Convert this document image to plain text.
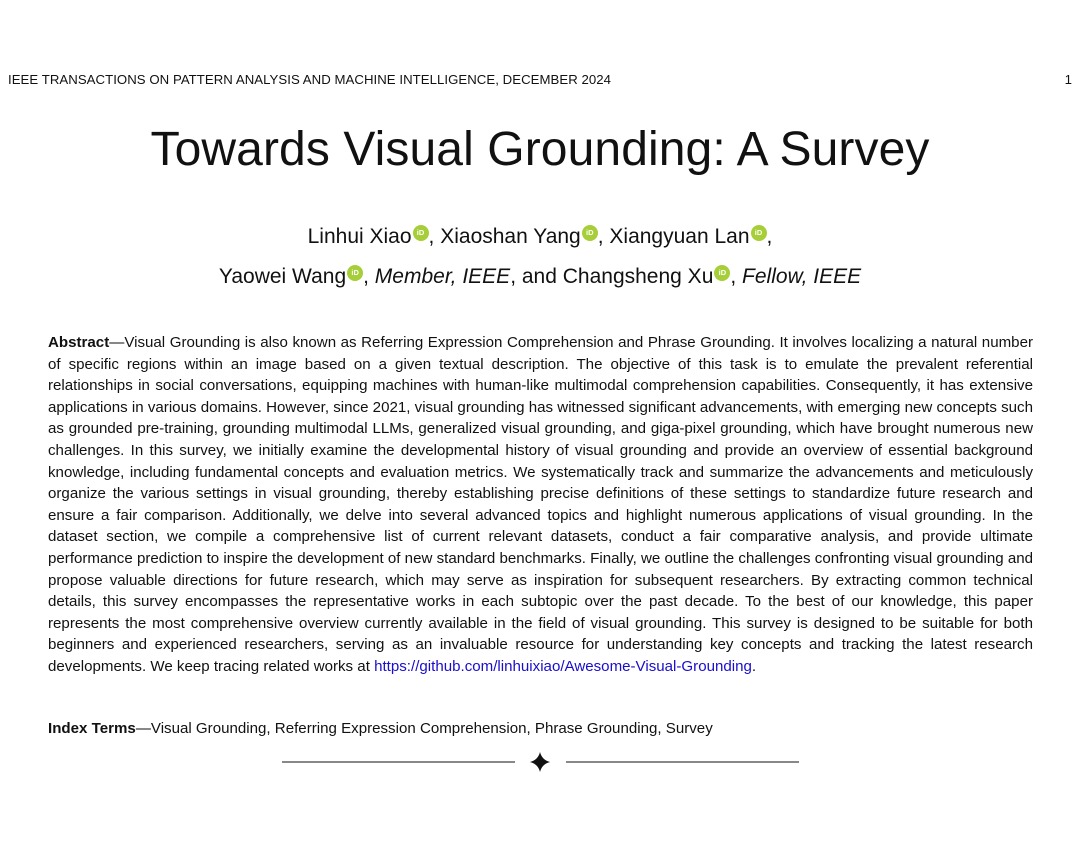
IEEE TRANSACTIONS ON PATTERN ANALYSIS AND MACHINE INTELLIGENCE, DECEMBER 2024	1
Towards Visual Grounding: A Survey
Linhui Xiao iD , Xiaoshan Yang iD , Xiangyuan Lan iD ,
Yaowei Wang iD , Member, IEEE, and Changsheng Xu iD , Fellow, IEEE

Abstract—Visual Grounding is also known as Referring Expression Comprehension and Phrase Grounding. It involves localizing a natural number of specific regions within an image based on a given textual description. The objective of this task is to emulate the prevalent referential relationships in social conversations, equipping machines with human-like multimodal comprehension capabilities. Consequently, it has extensive applications in various domains. However, since 2021, visual grounding has witnessed significant advancements, with emerging new concepts such as grounded pre-training, grounding multimodal LLMs, generalized visual grounding, and giga-pixel grounding, which have brought numerous new challenges. In this survey, we initially examine the developmental history of visual grounding and provide an overview of essential background knowledge, including fundamental concepts and evaluation metrics. We systematically track and summarize the advancements and meticulously organize the various settings in visual grounding, thereby establishing precise definitions of these settings to standardize future research and ensure a fair comparison. Additionally, we delve into several advanced topics and highlight numerous applications of visual grounding. In the dataset section, we compile a comprehensive list of current relevant datasets, conduct a fair comparative analysis, and provide ultimate performance prediction to inspire the development of new standard benchmarks. Finally, we outline the challenges confronting visual grounding and propose valuable directions for future research, which may serve as inspiration for subsequent researchers. By extracting common technical details, this survey encompasses the representative works in each subtopic over the past decade. To the best of our knowledge, this paper represents the most comprehensive overview currently available in the field of visual grounding. This survey is designed to be suitable for both beginners and experienced researchers, serving as an invaluable resource for understanding key concepts and tracking the latest research developments. We keep tracing related works at https://github.com/linhuixiao/Awesome-Visual-Grounding.

Index Terms—Visual Grounding, Referring Expression Comprehension, Phrase Grounding, Survey
